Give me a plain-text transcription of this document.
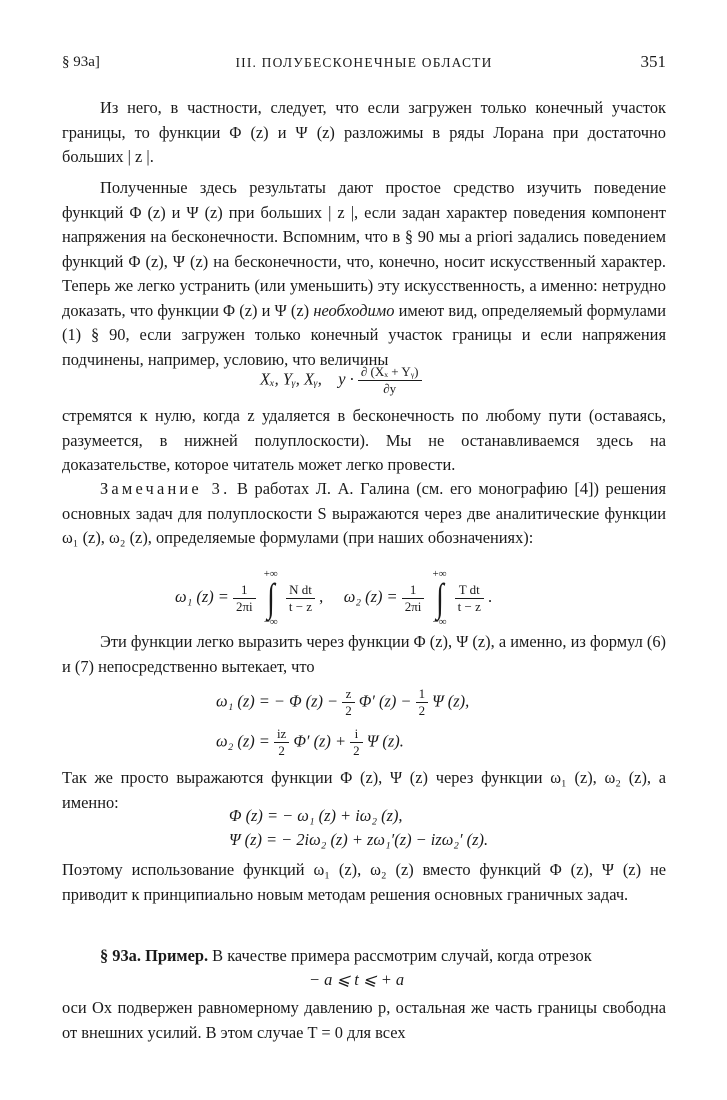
§ 93а]	III. ПОЛУБЕСКОНЕЧНЫЕ ОБЛАСТИ	351
Из него, в частности, следует, что если загружен только конечный участок границы, то функции Φ (z) и Ψ (z) разложимы в ряды Лорана при достаточно больших | z |.
Полученные здесь результаты дают простое средство изучить поведение функций Φ (z) и Ψ (z) при больших | z |, если задан характер поведения компонент напряжения на бесконечности. Вспомним, что в § 90 мы a priori задались поведением функций Φ (z), Ψ (z) на бесконечности, что, конечно, носит искусственный характер. Теперь же легко устранить (или уменьшить) эту искусственность, а именно: нетрудно доказать, что функции Φ (z) и Ψ (z) необходимо имеют вид, определяемый формулами (1) § 90, если загружен только конечный участок границы и если напряжения подчинены, например, условию, что величины
Xₓ, Yᵧ, Xᵧ, $y \cdot \frac{\text{∂ (Xₓ + Yᵧ)}}{\partial y}$
стремятся к нулю, когда z удаляется в бесконечность по любому пути (оставаясь, разумеется, в нижней полуплоскости). Мы не останавливаемся здесь на доказательстве, которое читатель может легко провести.
Замечание 3. В работах Л. А. Галина (см. его монографию [4]) решения основных задач для полуплоскости S выражаются через две аналитические функции ω₁ (z), ω₂ (z), определяемые формулами (при наших обозначениях):
ω₁ $(z) = \frac{1}{2\pi i}$
+∞
∫
−∞
$\frac{\text{N dt}}{t - z}$ , ω₂ $(z) = \frac{1}{2\pi i}$
+∞
∫
−∞
$\frac{\text{T dt}}{t - z}$ .
Эти функции легко выразить через функции Φ (z), Ψ (z), а именно, из формул (6) и (7) непосредственно вытекает, что
ω₁ (z) = − Φ $(z) - \frac{z}{2} \Phi'$ $(z) - \frac{1}{2}$ Ψ (z),
ω₂ $(z) = \frac{iz}{2} \Phi'$ $(z) + \frac{i}{2}$ Ψ (z).
Так же просто выражаются функции Φ (z), Ψ (z) через функции ω₁ (z), ω₂ (z), а именно:
Φ (z) = − ω₁ (z) + iω₂ (z),
Ψ (z) = − 2iω₂ (z) + zω₁′(z) − izω₂′ (z).
Поэтому использование функций ω₁ (z), ω₂ (z) вместо функций Φ (z), Ψ (z) не приводит к принципиально новым методам решения основных граничных задач.
§ 93а. Пример. В качестве примера рассмотрим случай, когда отрезок
− a ⩽ t ⩽ + a
оси Ox подвержен равномерному давлению p, остальная же часть границы свободна от внешних усилий. В этом случае T = 0 для всех
